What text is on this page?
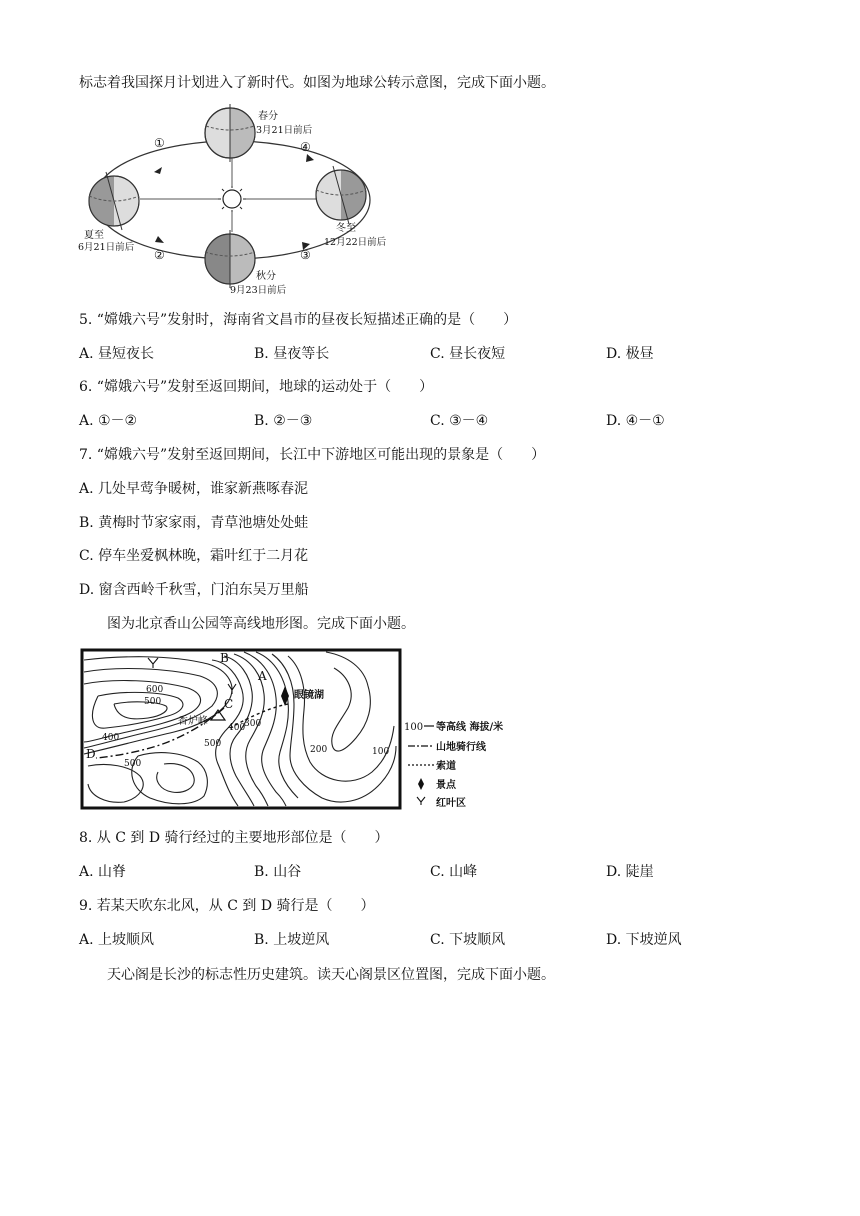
标志着我国探月计划进入了新时代。如图为地球公转示意图，完成下面小题。
春分
3月21日前后
夏至
6月21日前后
秋分
9月23日前后
冬至
12月22日前后
①
②	③
④
5. “嫦娥六号”发射时，海南省文昌市的昼夜长短描述正确的是（　　）
A. 昼短夜长	B. 昼夜等长	C. 昼长夜短	D. 极昼
6. “嫦娥六号”发射至返回期间，地球的运动处于（　　）
A. ①－②	B. ②－③	C. ③－④	D. ④－①
7. “嫦娥六号”发射至返回期间，长江中下游地区可能出现的景象是（　　）
A. 几处早莺争暖树，谁家新燕啄春泥
B. 黄梅时节家家雨，青草池塘处处蛙
C. 停车坐爱枫林晚，霜叶红于二月花
D. 窗含西岭千秋雪，门泊东吴万里船
图为北京香山公园等高线地形图。完成下面小题。
B
A
C
D
香炉峰
眼镜湖
600
500
500
500
400
400
300
200	100
100 等高线 海拔/米
山地骑行线
索道
景点
红叶区
8. 从 C 到 D 骑行经过的主要地形部位是（　　）
A. 山脊	B. 山谷	C. 山峰	D. 陡崖
9. 若某天吹东北风，从 C 到 D 骑行是（　　）
A. 上坡顺风	B. 上坡逆风	C. 下坡顺风	D. 下坡逆风
天心阁是长沙的标志性历史建筑。读天心阁景区位置图，完成下面小题。
